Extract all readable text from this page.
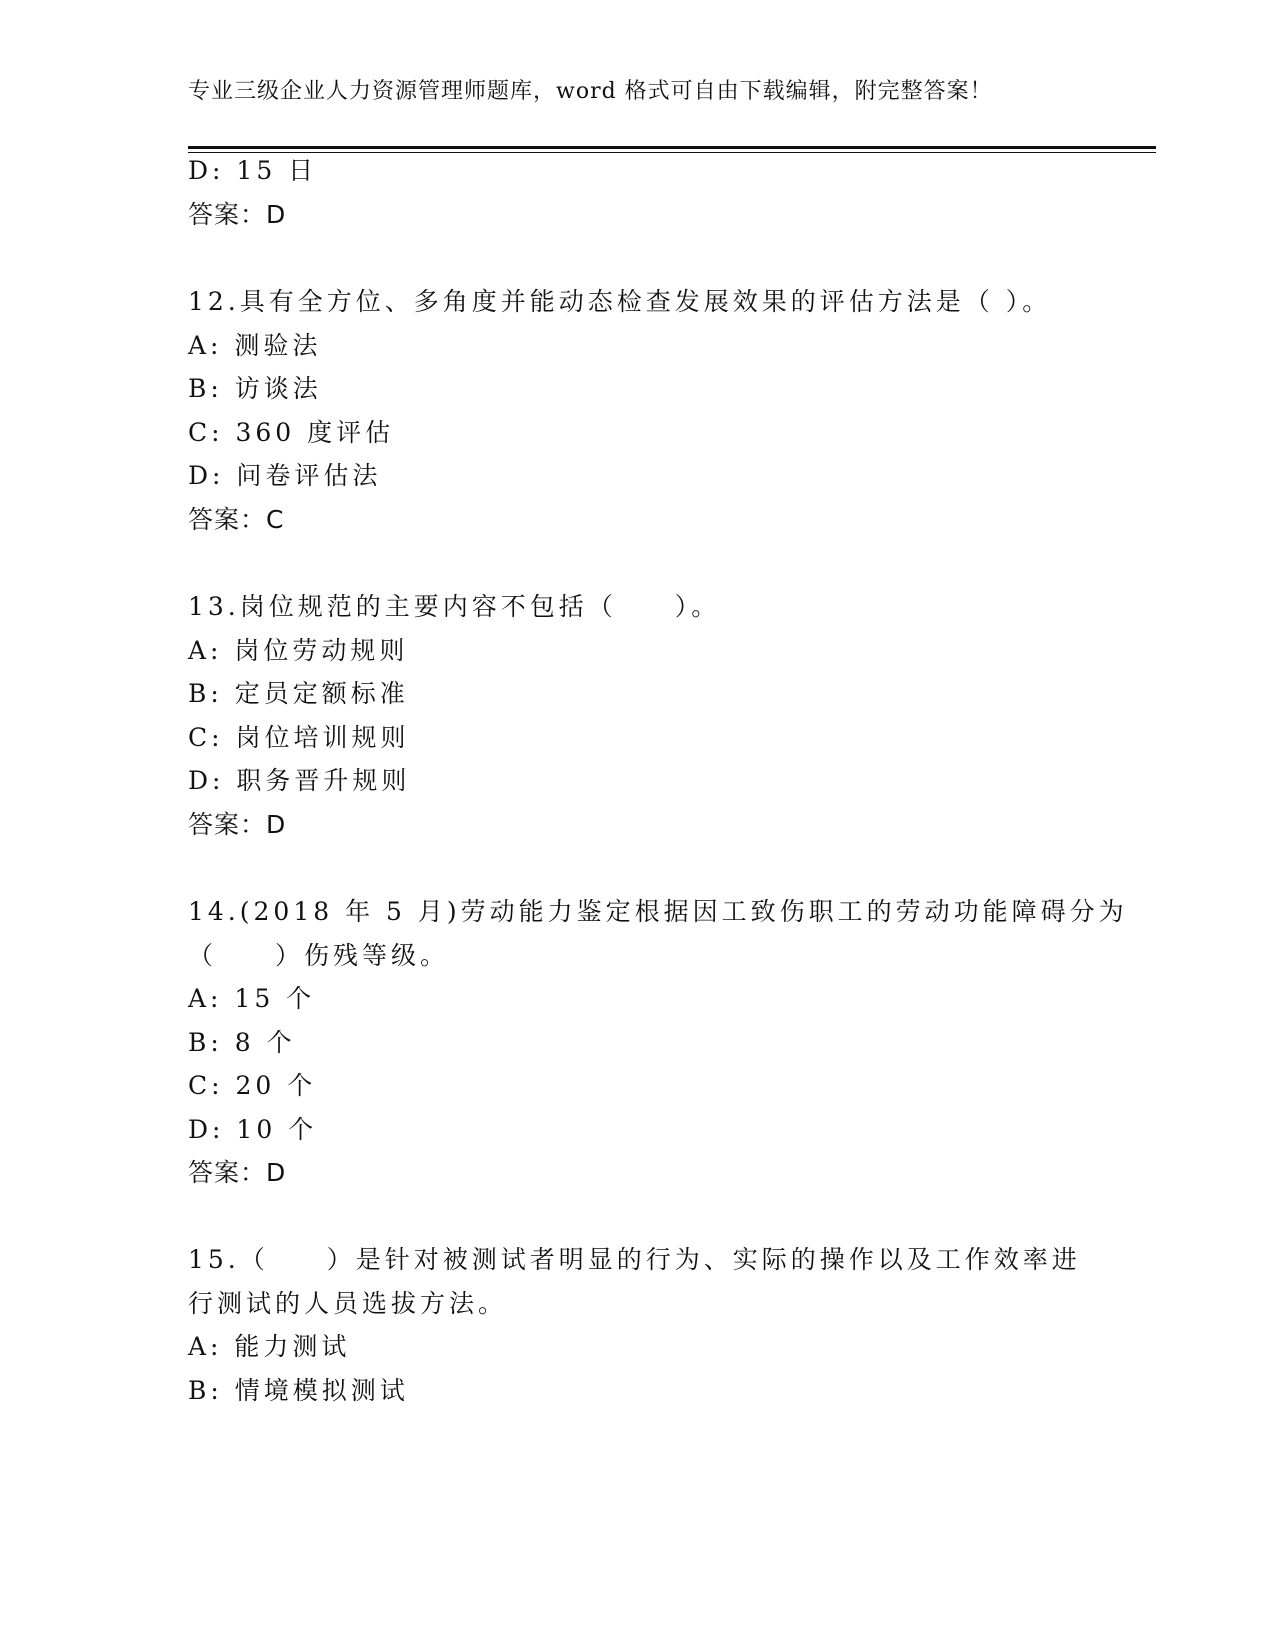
专业三级企业人力资源管理师题库，word 格式可自由下载编辑，附完整答案！
D: 15 日
答案：D
12.具有全方位、多角度并能动态检查发展效果的评估方法是（ ）。
A: 测验法
B: 访谈法
C: 360 度评估
D: 问卷评估法
答案：C
13.岗位规范的主要内容不包括（　　）。
A: 岗位劳动规则
B: 定员定额标准
C: 岗位培训规则
D: 职务晋升规则
答案：D
14.(2018 年 5 月)劳动能力鉴定根据因工致伤职工的劳动功能障碍分为
（　　）伤残等级。
A: 15 个
B: 8 个
C: 20 个
D: 10 个
答案：D
15.（　　）是针对被测试者明显的行为、实际的操作以及工作效率进
行测试的人员选拔方法。
A: 能力测试
B: 情境模拟测试
